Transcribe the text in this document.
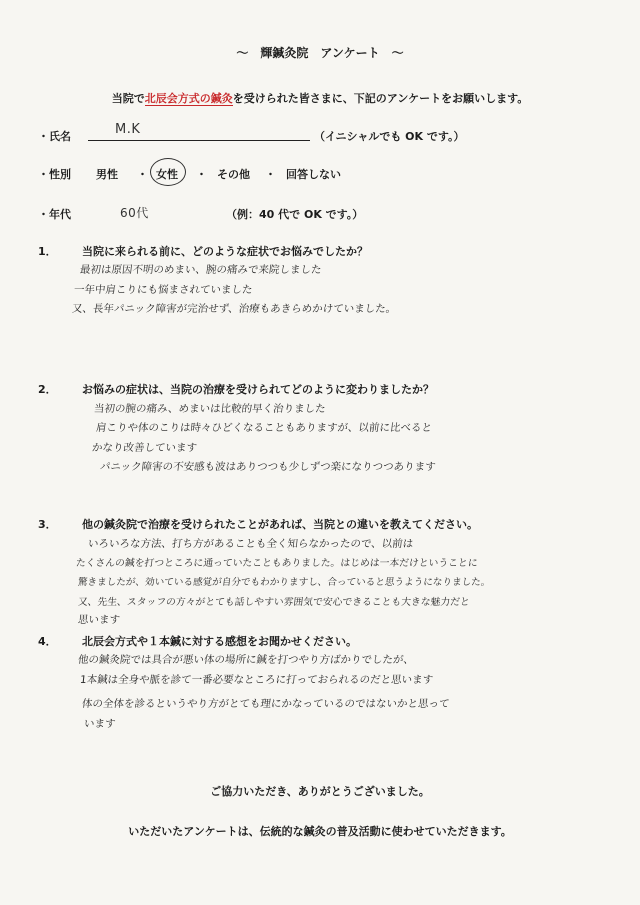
～　輝鍼灸院　アンケート　～
当院で北辰会方式の鍼灸を受けられた皆さまに、下記のアンケートをお願いします。
・氏名	M.K	（イニシャルでも OK です。）
・性別 男性 ・ 女性 ・ その他 ・ 回答しない
・年代	60代	（例：40 代で OK です。）
1． 当院に来られる前に、どのような症状でお悩みでしたか？
最初は原因不明のめまい、腕の痛みで来院しました
一年中肩こりにも悩まされていました
又、長年パニック障害が完治せず、治療もあきらめかけていました。
2． お悩みの症状は、当院の治療を受けられてどのように変わりましたか？
当初の腕の痛み、めまいは比較的早く治りました
肩こりや体のこりは時々ひどくなることもありますが、以前に比べると
かなり改善しています
パニック障害の不安感も波はありつつも少しずつ楽になりつつあります
3． 他の鍼灸院で治療を受けられたことがあれば、当院との違いを教えてください。
いろいろな方法、打ち方があることも全く知らなかったので、以前は
たくさんの鍼を打つところに通っていたこともありました。はじめは一本だけということに
驚きましたが、効いている感覚が自分でもわかりますし、合っていると思うようになりました。
又、先生、スタッフの方々がとても話しやすい雰囲気で安心できることも大きな魅力だと
思います
4． 北辰会方式や１本鍼に対する感想をお聞かせください。
他の鍼灸院では具合が悪い体の場所に鍼を打つやり方ばかりでしたが、
1本鍼は全身や脈を診て一番必要なところに打っておられるのだと思います
体の全体を診るというやり方がとても理にかなっているのではないかと思って
います
ご協力いただき、ありがとうございました。
いただいたアンケートは、伝統的な鍼灸の普及活動に使わせていただきます。
